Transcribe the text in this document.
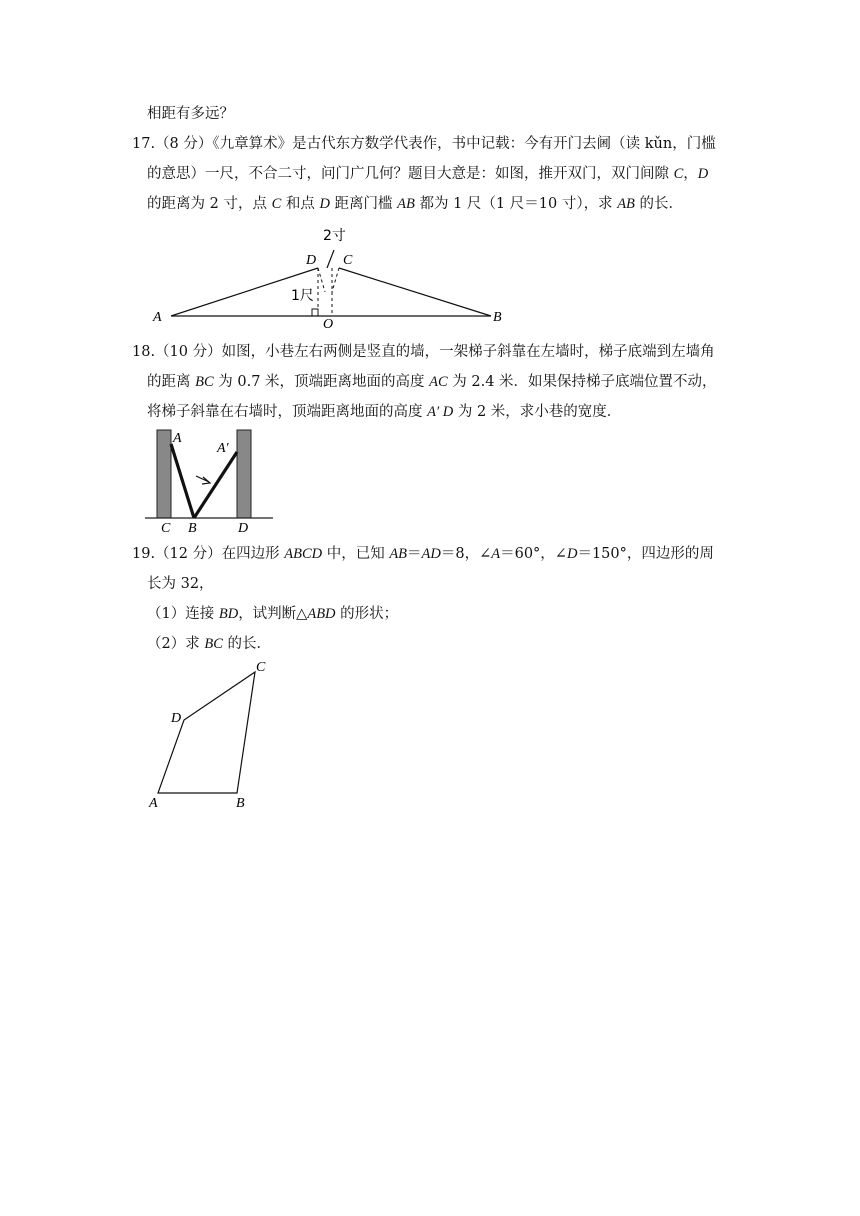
相距有多远？
17.（8 分）《九章算术》是古代东方数学代表作，书中记载：今有开门去阃（读 kǔn，门槛
的意思）一尺，不合二寸，问门广几何？题目大意是：如图，推开双门，双门间隙 C，D
的距离为 2 寸，点 C 和点 D 距离门槛 AB 都为 1 尺（1 尺＝10 寸），求 AB 的长．
2寸
D C
1尺
A	O	B
18.（10 分）如图，小巷左右两侧是竖直的墙，一架梯子斜靠在左墙时，梯子底端到左墙角
的距离 BC 为 0.7 米，顶端距离地面的高度 AC 为 2.4 米．如果保持梯子底端位置不动，
将梯子斜靠在右墙时，顶端距离地面的高度 A′ D 为 2 米，求小巷的宽度．
A
A′
C B	D
19.（12 分）在四边形 ABCD 中，已知 AB＝AD＝8，∠A＝60°，∠D＝150°，四边形的周
长为 32，
（1）连接 BD，试判断△ABD 的形状；
（2）求 BC 的长．
A	B
C
D
